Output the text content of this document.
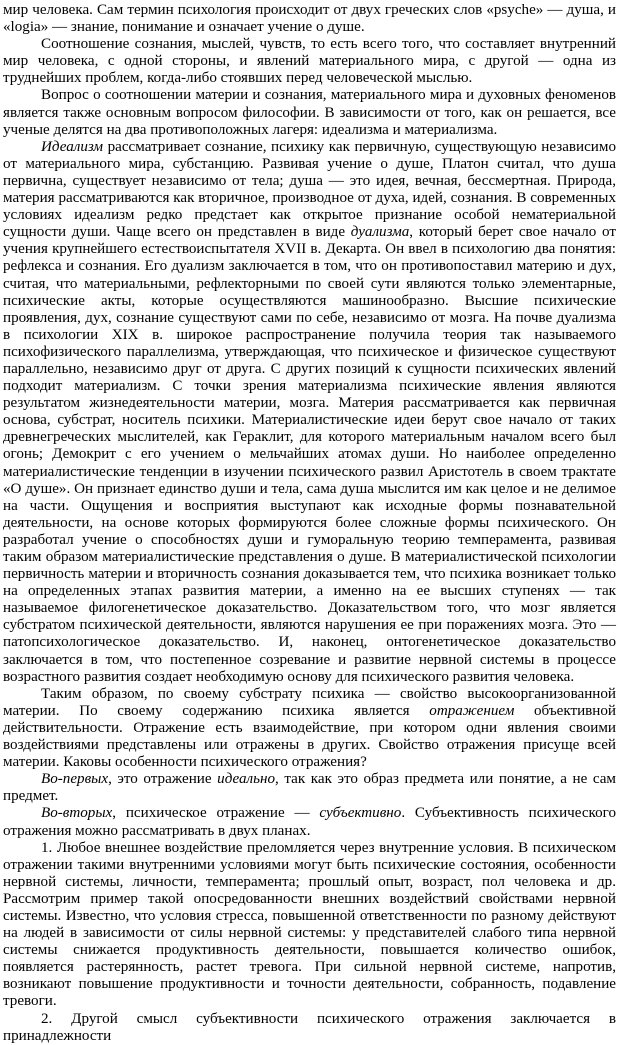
мир человека. Сам термин психология происходит от двух греческих слов «psyche» — душа, и «logia» — знание, понимание и означает учение о душе.

Соотношение сознания, мыслей, чувств, то есть всего того, что составляет внутренний мир человека, с одной стороны, и явлений материального мира, с другой — одна из труднейших проблем, когда-либо стоявших перед человеческой мыслью.

Вопрос о соотношении материи и сознания, материального мира и духовных феноменов является также основным вопросом философии. В зависимости от того, как он решается, все ученые делятся на два противоположных лагеря: идеализма и материализма.

Идеализм рассматривает сознание, психику как первичную, существующую независимо от материального мира, субстанцию. Развивая учение о душе, Платон считал, что душа первична, существует независимо от тела; душа — это идея, вечная, бессмертная. Природа, материя рассматриваются как вторичное, производное от духа, идей, сознания. В современных условиях идеализм редко предстает как открытое признание особой нематериальной сущности души. Чаще всего он представлен в виде дуализма, который берет свое начало от учения крупнейшего естествоиспытателя XVII в. Декарта. Он ввел в психологию два понятия: рефлекса и сознания. Его дуализм заключается в том, что он противопоставил материю и дух, считая, что материальными, рефлекторными по своей сути являются только элементарные, психические акты, которые осуществляются машинообразно. Высшие психические проявления, дух, сознание существуют сами по себе, независимо от мозга. На почве дуализма в психологии XIX в. широкое распространение получила теория так называемого психофизического параллелизма, утверждающая, что психическое и физическое существуют параллельно, независимо друг от друга. С других позиций к сущности психических явлений подходит материализм. С точки зрения материализма психические явления являются результатом жизнедеятельности материи, мозга. Материя рассматривается как первичная основа, субстрат, носитель психики. Материалистические идеи берут свое начало от таких древнегреческих мыслителей, как Гераклит, для которого материальным началом всего был огонь; Демокрит с его учением о мельчайших атомах души. Но наиболее определенно материалистические тенденции в изучении психического развил Аристотель в своем трактате «О душе». Он признает единство души и тела, сама душа мыслится им как целое и не делимое на части. Ощущения и восприятия выступают как исходные формы познавательной деятельности, на основе которых формируются более сложные формы психического. Он разработал учение о способностях души и гуморальную теорию темперамента, развивая таким образом материалистические представления о душе. В материалистической психологии первичность материи и вторичность сознания доказывается тем, что психика возникает только на определенных этапах развития материи, а именно на ее высших ступенях — так называемое филогенетическое доказательство. Доказательством того, что мозг является субстратом психической деятельности, являются нарушения ее при поражениях мозга. Это — патопсихологическое доказательство. И, наконец, онтогенетическое доказательство заключается в том, что постепенное созревание и развитие нервной системы в процессе возрастного развития создает необходимую основу для психического развития человека.

Таким образом, по своему субстрату психика — свойство высокоорганизованной материи. По своему содержанию психика является отражением объективной действительности. Отражение есть взаимодействие, при котором одни явления своими воздействиями представлены или отражены в других. Свойство отражения присуще всей материи. Каковы особенности психического отражения?

Во-первых, это отражение идеально, так как это образ предмета или понятие, а не сам предмет.

Во-вторых, психическое отражение — субъективно. Субъективность психического отражения можно рассматривать в двух планах.

1. Любое внешнее воздействие преломляется через внутренние условия. В психическом отражении такими внутренними условиями могут быть психические состояния, особенности нервной системы, личности, темперамента; прошлый опыт, возраст, пол человека и др. Рассмотрим пример такой опосредованности внешних воздействий свойствами нервной системы. Известно, что условия стресса, повышенной ответственности по разному действуют на людей в зависимости от силы нервной системы: у представителей слабого типа нервной системы снижается продуктивность деятельности, повышается количество ошибок, появляется растерянность, растет тревога. При сильной нервной системе, напротив, возникают повышение продуктивности и точности деятельности, собранность, подавление тревоги.

2. Другой смысл субъективности психического отражения заключается в принадлежности
